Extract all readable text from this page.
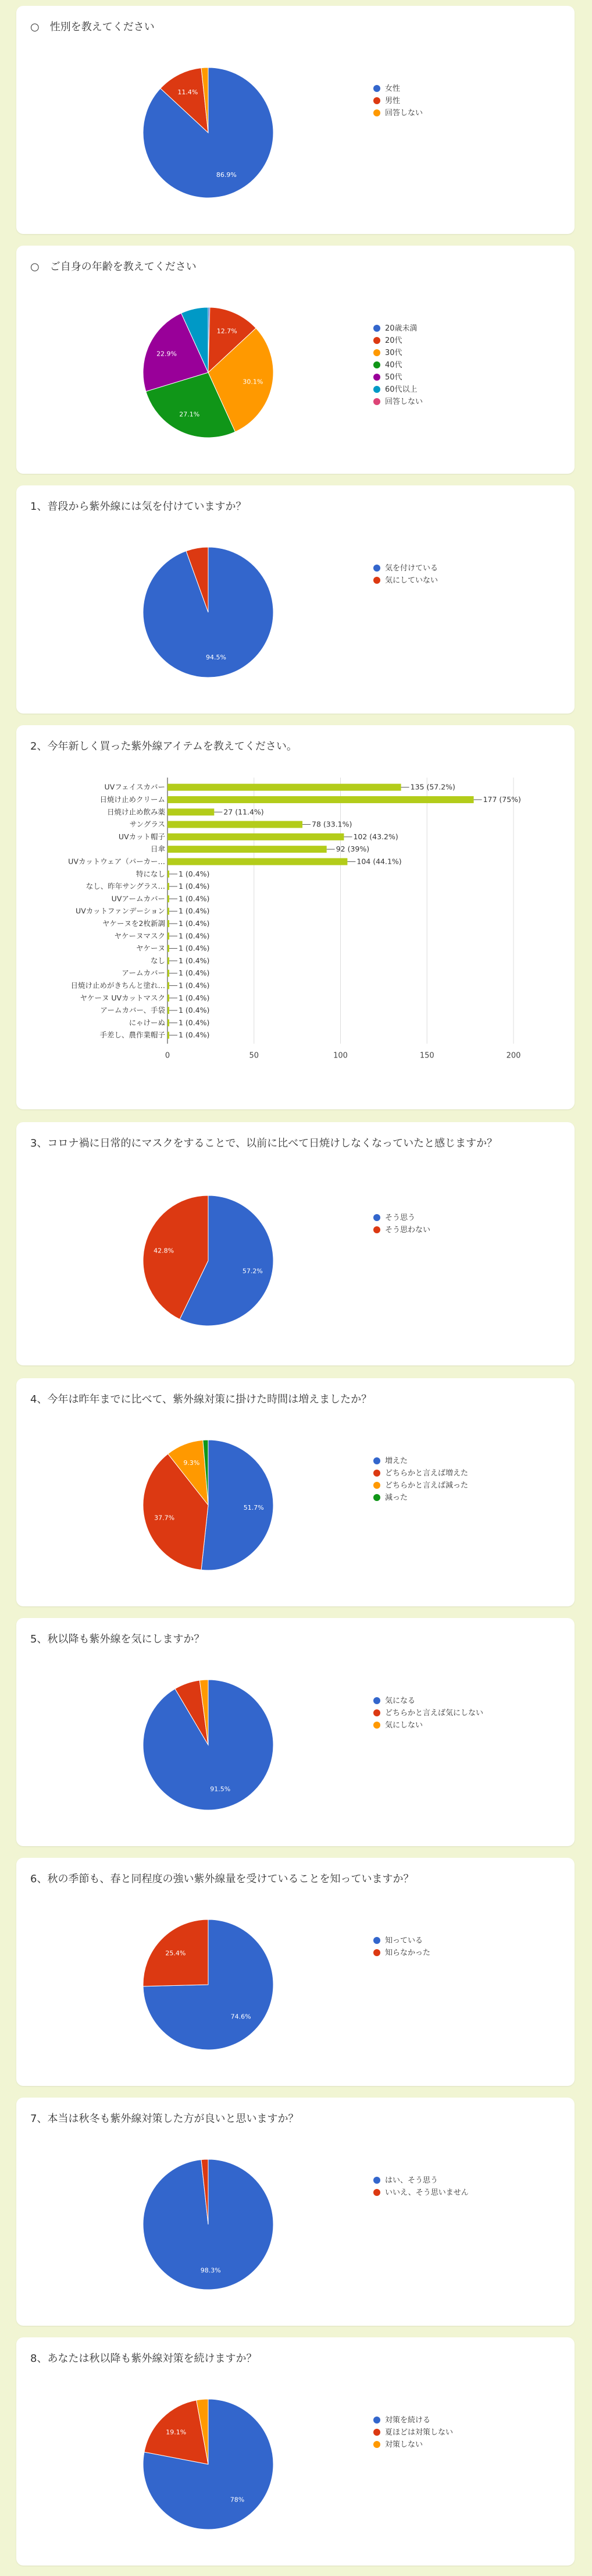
○　性別を教えてください
86.9%
11.4%	女性
男性
回答しない
○　ご自身の年齢を教えてください
12.7%
30.1%
27.1%
22.9%
20歳未満
20代
30代
40代
50代
60代以上
回答しない
1、普段から紫外線には気を付けていますか？
94.5%
気を付けている
気にしていない
2、今年新しく買った紫外線アイテムを教えてください。
0	50	100	150	200
UVフェイスカバー	135 (57.2%)
日焼け止めクリーム	177 (75%)
日焼け止め飲み薬	27 (11.4%)
サングラス	78 (33.1%)
UVカット帽子	102 (43.2%)
日傘	92 (39%)
UVカットウェア（パーカー…	104 (44.1%)
特になし 1 (0.4%)
なし、昨年サングラス… 1 (0.4%)
UVアームカバー 1 (0.4%)
UVカットファンデーション 1 (0.4%)
ヤケーヌを2枚新調 1 (0.4%)
ヤケーヌマスク 1 (0.4%)
ヤケーヌ 1 (0.4%)
なし 1 (0.4%)
アームカバー 1 (0.4%)
日焼け止めがきちんと塗れ… 1 (0.4%)
ヤケーヌ UVカットマスク 1 (0.4%)
アームカバー、手袋 1 (0.4%)
にゃけーぬ 1 (0.4%)
手差し、農作業帽子 1 (0.4%)
3、コロナ禍に日常的にマスクをすることで、以前に比べて日焼けしなくなっていたと感じますか？
57.2%
42.8%
そう思う
そう思わない
4、今年は昨年までに比べて、紫外線対策に掛けた時間は増えましたか？
51.7%
37.7%
9.3%	増えた
どちらかと言えば増えた
どちらかと言えば減った
減った
5、秋以降も紫外線を気にしますか？
91.5%
気になる
どちらかと言えば気にしない
気にしない
6、秋の季節も、春と同程度の強い紫外線量を受けていることを知っていますか？
74.6%
25.4%
知っている
知らなかった
7、本当は秋冬も紫外線対策した方が良いと思いますか？
98.3%
はい、そう思う
いいえ、そう思いません
8、あなたは秋以降も紫外線対策を続けますか？
78%
19.1%
対策を続ける
夏ほどは対策しない
対策しない
